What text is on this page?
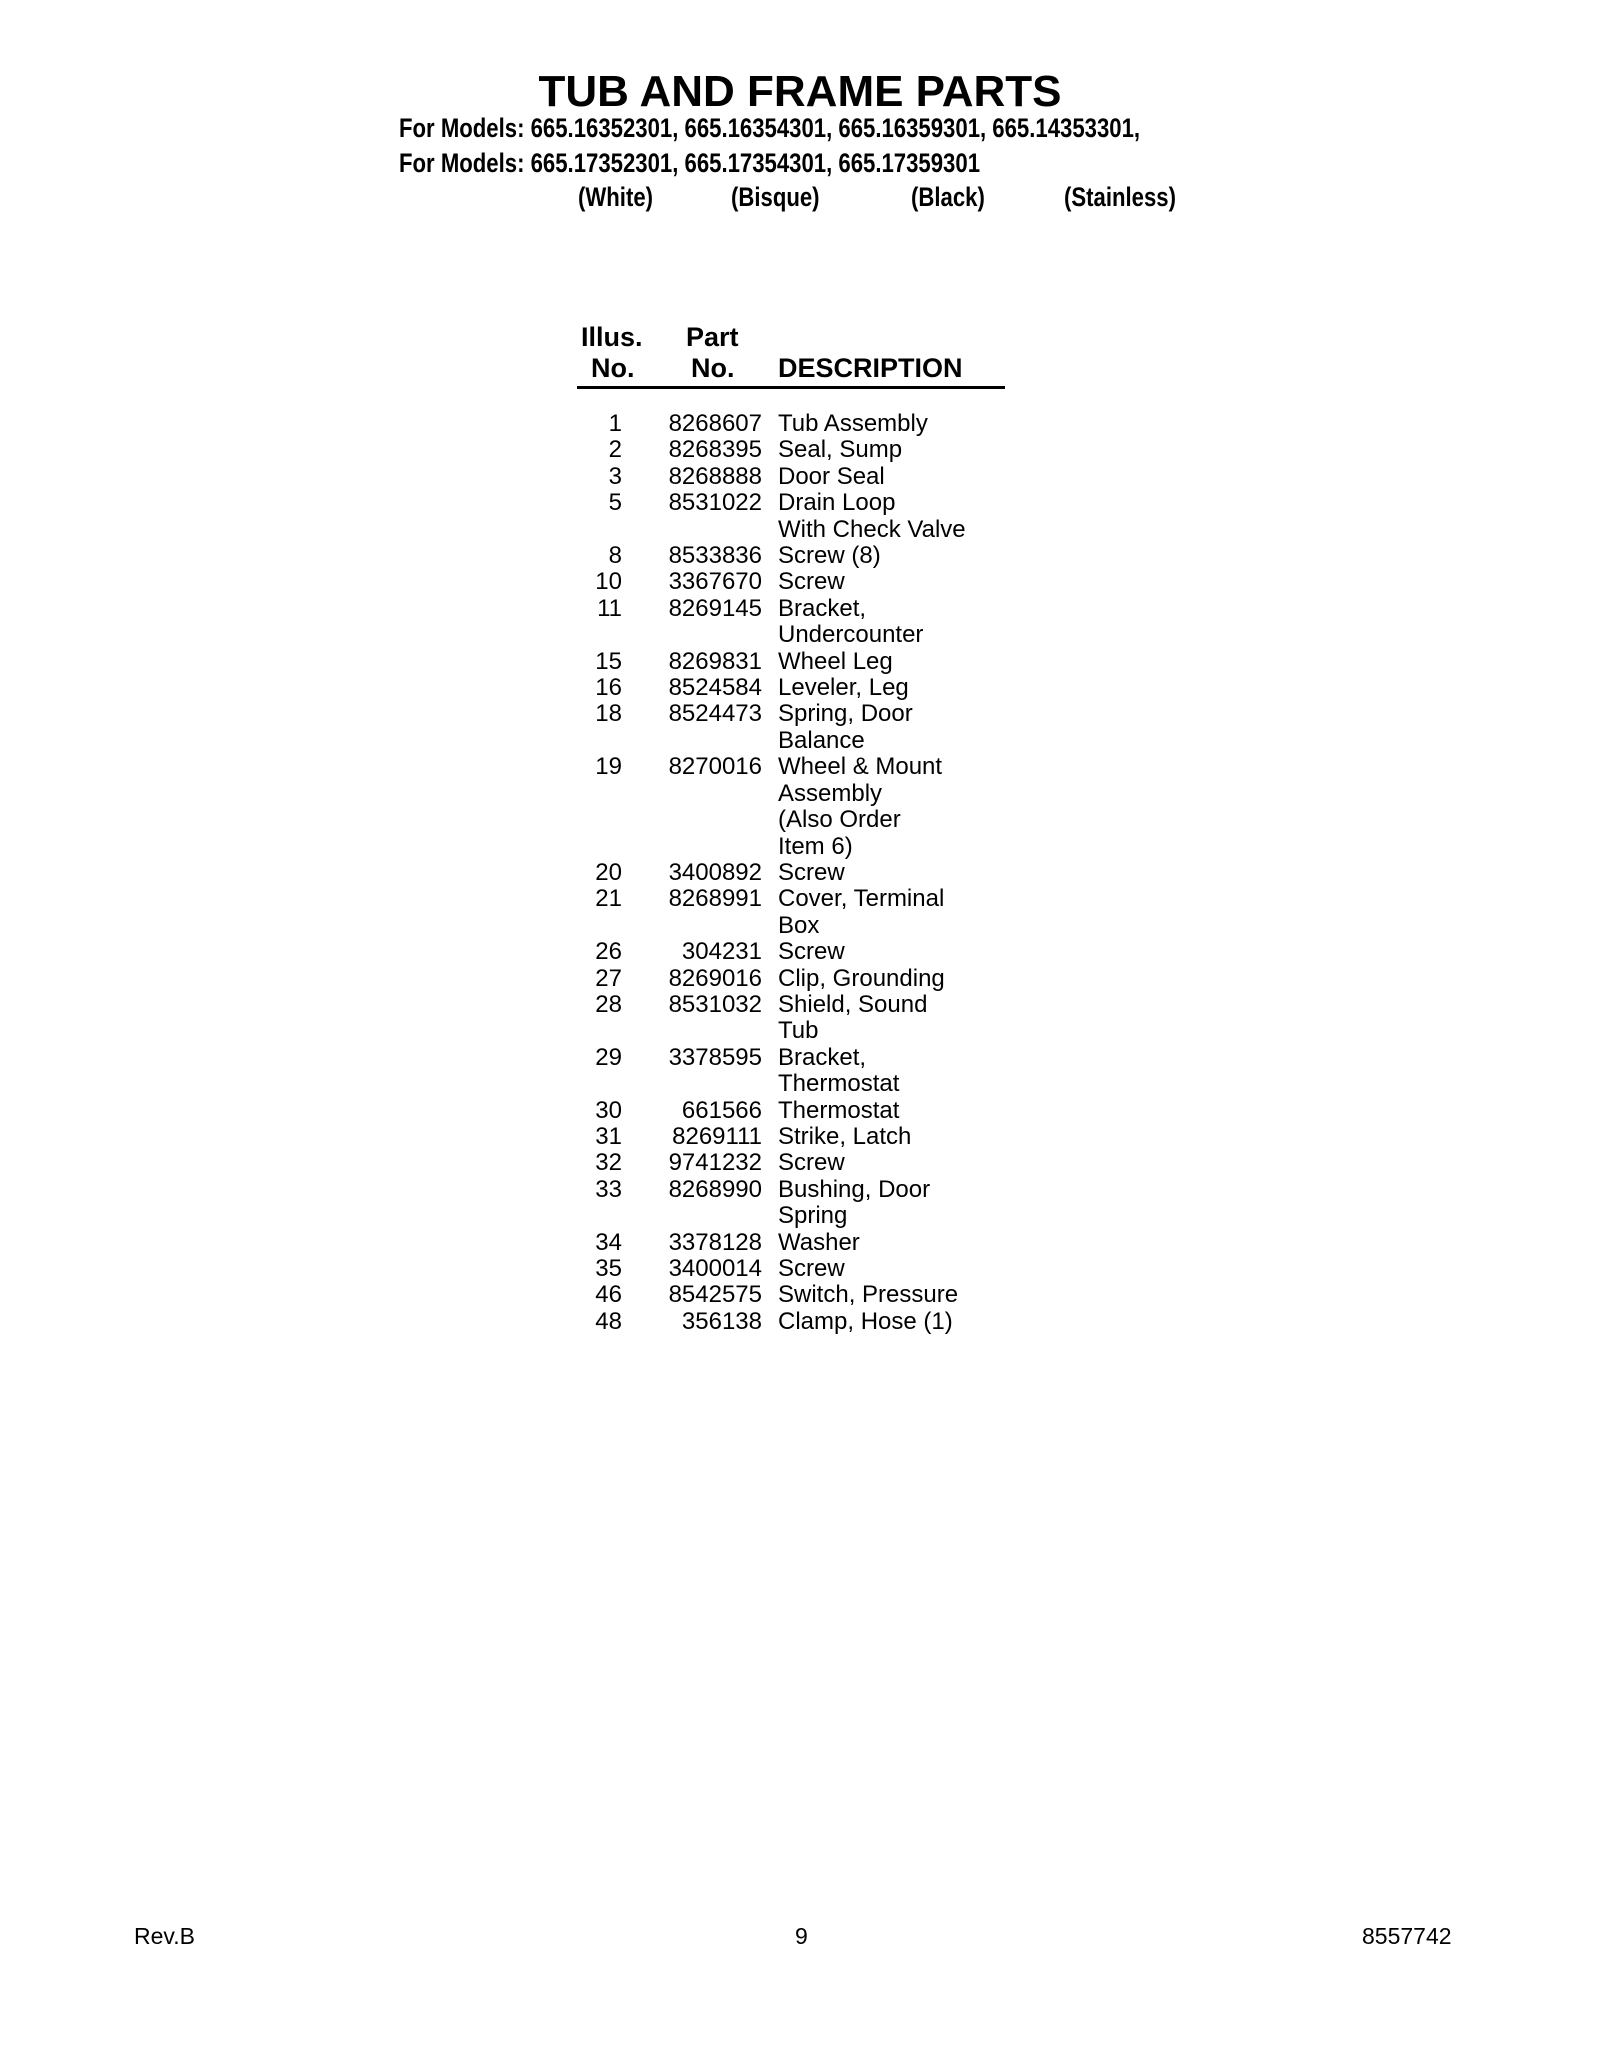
TUB AND FRAME PARTS
For Models: 665.16352301, 665.16354301, 665.16359301, 665.14353301,
For Models: 665.17352301, 665.17354301, 665.17359301
(White)	(Bisque)	(Black)	(Stainless)
Illus.
No.
Part
No. DESCRIPTION
1	8268607 Tub Assembly
2	8268395 Seal, Sump
3	8268888 Door Seal
5	8531022 Drain Loop
With Check Valve
8	8533836 Screw (8)
10	3367670 Screw
11	8269145 Bracket,
Undercounter
15	8269831 Wheel Leg
16	8524584 Leveler, Leg
18	8524473 Spring, Door
Balance
19	8270016 Wheel & Mount
Assembly
(Also Order
Item 6)
20	3400892 Screw
21	8268991 Cover, Terminal
Box
26	304231 Screw
27	8269016 Clip, Grounding
28	8531032 Shield, Sound
Tub
29	3378595 Bracket,
Thermostat
30	661566 Thermostat
31	8269111 Strike, Latch
32	9741232 Screw
33	8268990 Bushing, Door
Spring
34	3378128 Washer
35	3400014 Screw
46	8542575 Switch, Pressure
48	356138 Clamp, Hose (1)
Rev.B	9	8557742
